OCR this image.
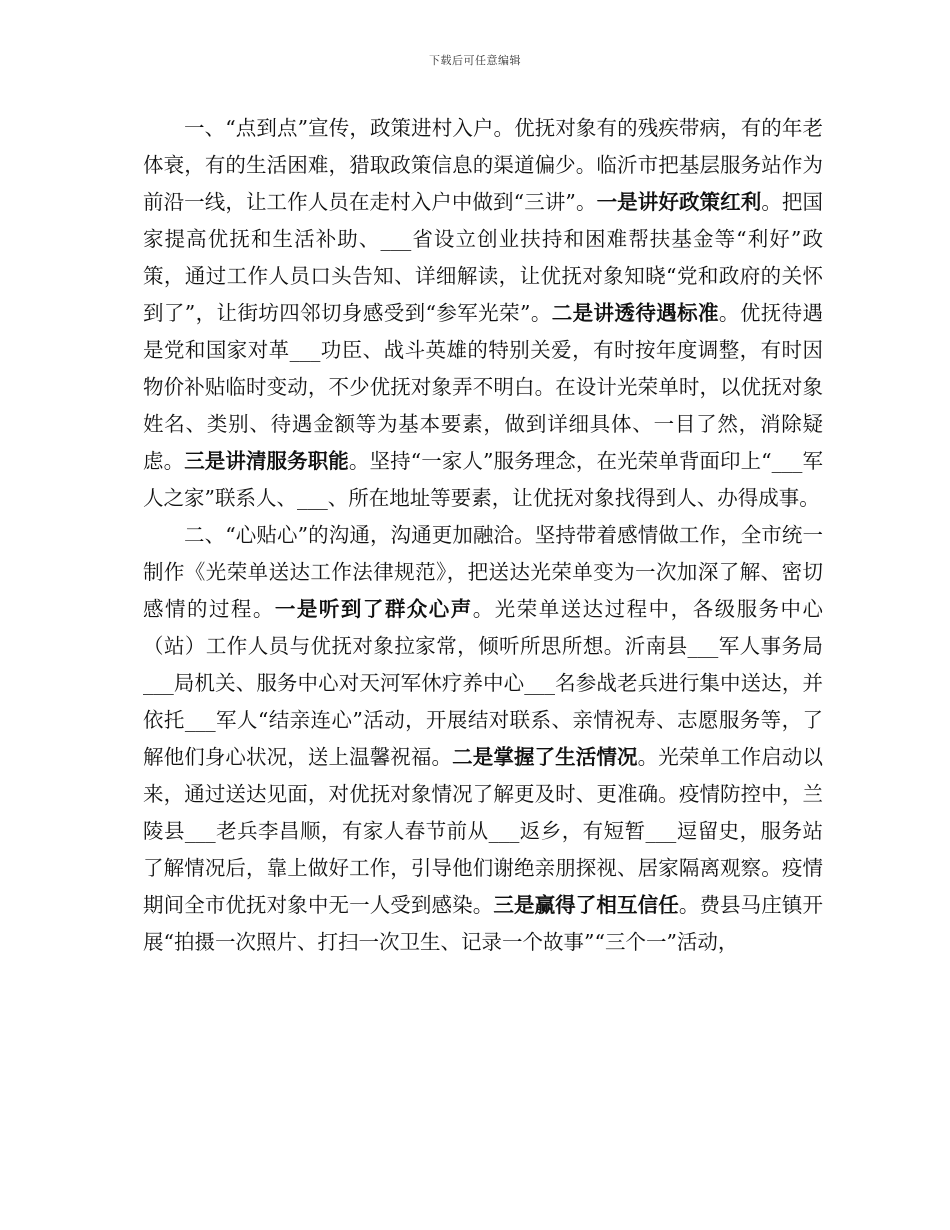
下载后可任意编辑

一、“点到点”宣传，政策进村入户。优抚对象有的残疾带病，有的年老体衰，有的生活困难，猎取政策信息的渠道偏少。临沂市把基层服务站作为前沿一线，让工作人员在走村入户中做到“三讲”。一是讲好政策红利。把国家提高优抚和生活补助、___省设立创业扶持和困难帮扶基金等“利好”政策，通过工作人员口头告知、详细解读，让优抚对象知晓“党和政府的关怀到了”，让街坊四邻切身感受到“参军光荣”。二是讲透待遇标准。优抚待遇是党和国家对革___功臣、战斗英雄的特别关爱，有时按年度调整，有时因物价补贴临时变动，不少优抚对象弄不明白。在设计光荣单时，以优抚对象姓名、类别、待遇金额等为基本要素，做到详细具体、一目了然，消除疑虑。三是讲清服务职能。坚持“一家人”服务理念，在光荣单背面印上“___军人之家”联系人、___、所在地址等要素，让优抚对象找得到人、办得成事。

二、“心贴心”的沟通，沟通更加融洽。坚持带着感情做工作，全市统一制作《光荣单送达工作法律规范》，把送达光荣单变为一次加深了解、密切感情的过程。一是听到了群众心声。光荣单送达过程中，各级服务中心（站）工作人员与优抚对象拉家常，倾听所思所想。沂南县___军人事务局___局机关、服务中心对天河军休疗养中心___名参战老兵进行集中送达，并依托___军人“结亲连心”活动，开展结对联系、亲情祝寿、志愿服务等，了解他们身心状况，送上温馨祝福。二是掌握了生活情况。光荣单工作启动以来，通过送达见面，对优抚对象情况了解更及时、更准确。疫情防控中，兰陵县___老兵李昌顺，有家人春节前从___返乡，有短暂___逗留史，服务站了解情况后，靠上做好工作，引导他们谢绝亲朋探视、居家隔离观察。疫情期间全市优抚对象中无一人受到感染。三是赢得了相互信任。费县马庄镇开展“拍摄一次照片、打扫一次卫生、记录一个故事”“三个一”活动，
